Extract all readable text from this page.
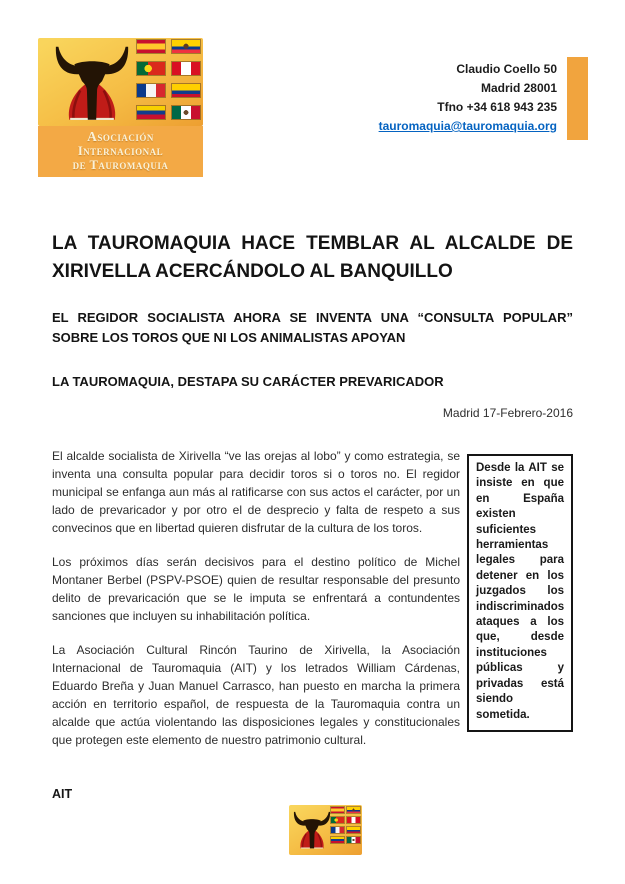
Asociación
Internacional
de Tauromaquia
Claudio Coello 50
Madrid 28001
Tfno +34 618 943 235
tauromaquia@tauromaquia.org
LA TAUROMAQUIA HACE TEMBLAR AL ALCALDE DE XIRIVELLA ACERCÁNDOLO AL BANQUILLO
EL REGIDOR SOCIALISTA AHORA SE INVENTA UNA “CONSULTA POPULAR” SOBRE LOS TOROS QUE NI LOS ANIMALISTAS APOYAN
LA TAUROMAQUIA, DESTAPA SU CARÁCTER PREVARICADOR
Madrid 17-Febrero-2016

El alcalde socialista de Xirivella “ve las orejas al lobo” y como estrategia, se inventa una consulta popular para decidir toros si o toros no. El regidor municipal se enfanga aun más al ratificarse con sus actos el carácter, por un lado de prevaricador y por otro el de desprecio y falta de respeto a sus convecinos que en libertad quieren disfrutar de la cultura de los toros.

Los próximos días serán decisivos para el destino político de Michel Montaner Berbel (PSPV-PSOE) quien de resultar responsable del presunto delito de prevaricación que se le imputa se enfrentará a contundentes sanciones que incluyen su inhabilitación política.

La Asociación Cultural Rincón Taurino de Xirivella, la Asociación Internacional de Tauromaquia (AIT) y los letrados William Cárdenas, Eduardo Breña y Juan Manuel Carrasco, han puesto en marcha la primera acción en territorio español, de respuesta de la Tauromaquia contra un alcalde que actúa violentando las disposiciones legales y constitucionales que protegen este elemento de nuestro patrimonio cultural.

Desde la AIT se insiste en que en España existen suficientes herramientas legales para detener en los juzgados los indiscriminados ataques a los que, desde instituciones públicas y privadas está siendo sometida.
AIT
